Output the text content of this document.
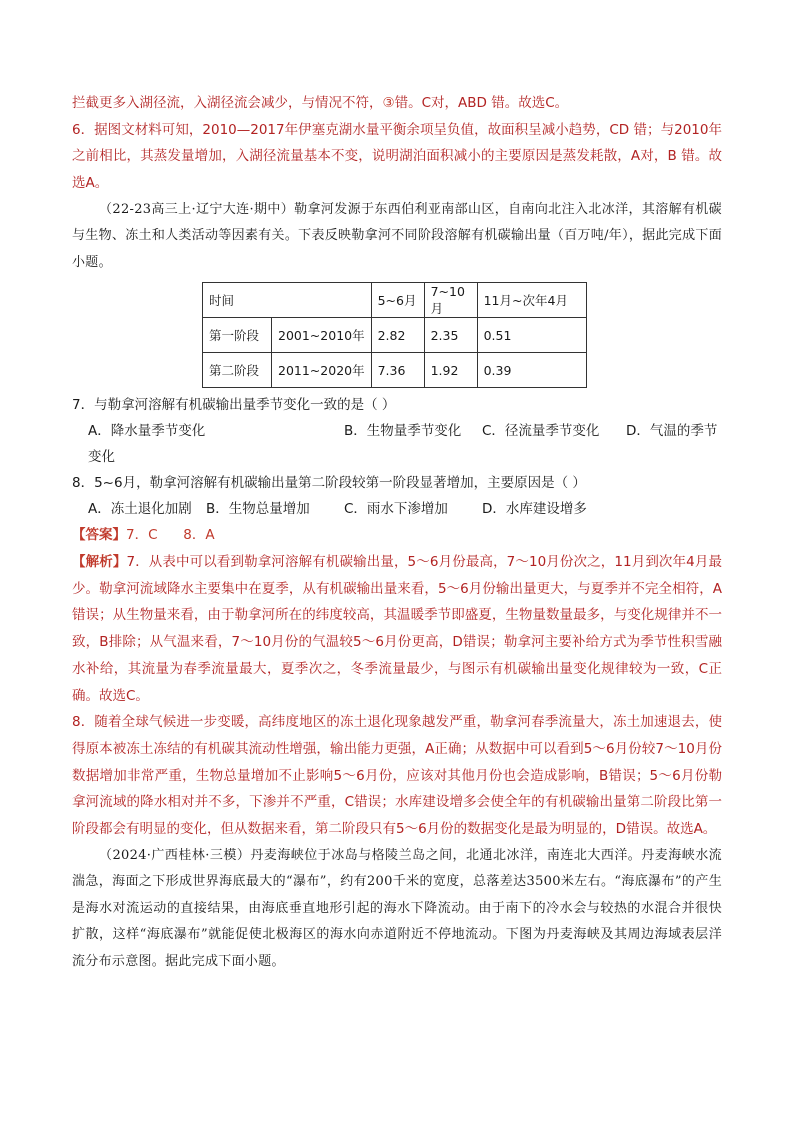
拦截更多入湖径流，入湖径流会减少，与情况不符，③错。C对，ABD 错。故选C。

6．据图文材料可知，2010—2017年伊塞克湖水量平衡余项呈负值，故面积呈减小趋势，CD 错；与2010年之前相比，其蒸发量增加，入湖径流量基本不变，说明湖泊面积减小的主要原因是蒸发耗散，A对，B 错。故选A。

（22-23高三上·辽宁大连·期中）勒拿河发源于东西伯利亚南部山区，自南向北注入北冰洋，其溶解有机碳与生物、冻土和人类活动等因素有关。下表反映勒拿河不同阶段溶解有机碳输出量（百万吨/年），据此完成下面小题。

时间		5~6月	7~10月	11月~次年4月
第一阶段	2001~2010年	2.82	2.35	0.51
第二阶段	2011~2020年	7.36	1.92	0.39

7．与勒拿河溶解有机碳输出量季节变化一致的是（ ）

A．降水量季节变化	B．生物量季节变化 C．径流量季节变化 D．气温的季节

变化

8．5~6月，勒拿河溶解有机碳输出量第二阶段较第一阶段显著增加，主要原因是（ ）

A．冻土退化加剧 B．生物总量增加	C．雨水下渗增加	D．水库建设增多

【答案】7．C      8．A

【解析】7．从表中可以看到勒拿河溶解有机碳输出量，5～6月份最高，7～10月份次之，11月到次年4月最少。勒拿河流域降水主要集中在夏季，从有机碳输出量来看，5～6月份输出量更大，与夏季并不完全相符，A错误；从生物量来看，由于勒拿河所在的纬度较高，其温暖季节即盛夏，生物量数量最多，与变化规律并不一致，B排除；从气温来看，7～10月份的气温较5～6月份更高，D错误；勒拿河主要补给方式为季节性积雪融水补给，其流量为春季流量最大，夏季次之，冬季流量最少，与图示有机碳输出量变化规律较为一致，C正确。故选C。

8．随着全球气候进一步变暖，高纬度地区的冻土退化现象越发严重，勒拿河春季流量大，冻土加速退去，使得原本被冻土冻结的有机碳其流动性增强，输出能力更强，A正确；从数据中可以看到5～6月份较7～10月份数据增加非常严重，生物总量增加不止影响5～6月份，应该对其他月份也会造成影响，B错误；5～6月份勒拿河流域的降水相对并不多，下渗并不严重，C错误；水库建设增多会使全年的有机碳输出量第二阶段比第一阶段都会有明显的变化，但从数据来看，第二阶段只有5～6月份的数据变化是最为明显的，D错误。故选A。

（2024·广西桂林·三模）丹麦海峡位于冰岛与格陵兰岛之间，北通北冰洋，南连北大西洋。丹麦海峡水流湍急，海面之下形成世界海底最大的“瀑布”，约有200千米的宽度，总落差达3500米左右。“海底瀑布”的产生是海水对流运动的直接结果，由海底垂直地形引起的海水下降流动。由于南下的冷水会与较热的水混合并很快扩散，这样“海底瀑布”就能促使北极海区的海水向赤道附近不停地流动。下图为丹麦海峡及其周边海域表层洋流分布示意图。据此完成下面小题。
